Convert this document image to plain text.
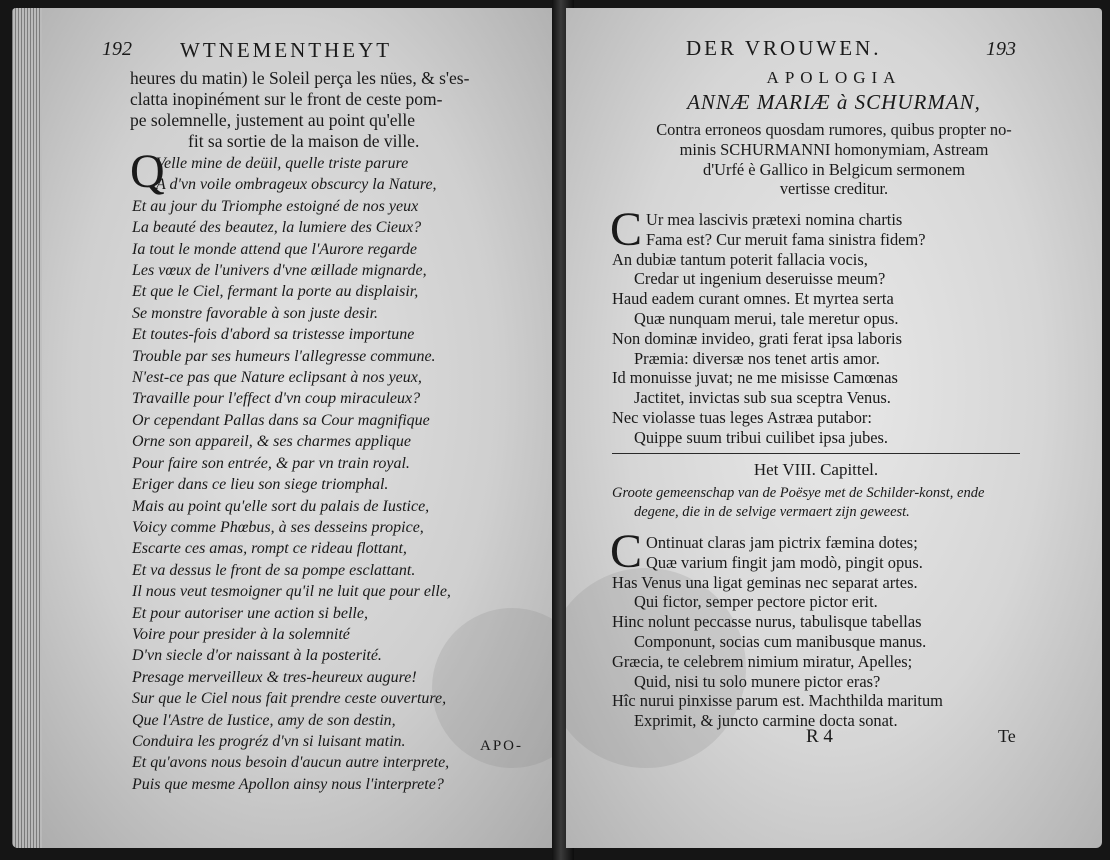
192 WTNEMENTHEYT
heures du matin) le Soleil perça les nües, & s'es-
clatta inopinément sur le front de ceste pom-
pe solemnelle, justement au point qu'elle
fit sa sortie de la maison de ville.
Q
Velle mine de deüil, quelle triste parure
A d'vn voile ombrageux obscurcy la Nature,
Et au jour du Triomphe estoigné de nos yeux
La beauté des beautez, la lumiere des Cieux?
Ia tout le monde attend que l'Aurore regarde
Les vœux de l'univers d'vne œillade mignarde,
Et que le Ciel, fermant la porte au displaisir,
Se monstre favorable à son juste desir.
Et toutes-fois d'abord sa tristesse importune
Trouble par ses humeurs l'allegresse commune.
N'est-ce pas que Nature eclipsant à nos yeux,
Travaille pour l'effect d'vn coup miraculeux?
Or cependant Pallas dans sa Cour magnifique
Orne son appareil, & ses charmes applique
Pour faire son entrée, & par vn train royal.
Eriger dans ce lieu son siege triomphal.
Mais au point qu'elle sort du palais de Iustice,
Voicy comme Phœbus, à ses desseins propice,
Escarte ces amas, rompt ce rideau flottant,
Et va dessus le front de sa pompe esclattant.
Il nous veut tesmoigner qu'il ne luit que pour elle,
Et pour autoriser une action si belle,
Voire pour presider à la solemnité
D'vn siecle d'or naissant à la posterité.
Presage merveilleux & tres-heureux augure!
Sur que le Ciel nous fait prendre ceste ouverture,
Que l'Astre de Iustice, amy de son destin,
Conduira les progréz d'vn si luisant matin.
Et qu'avons nous besoin d'aucun autre interprete,
Puis que mesme Apollon ainsy nous l'interprete?
APO-
DER VROUWEN.	193
APOLOGIA
ANNÆ MARIÆ à SCHURMAN,
Contra erroneos quosdam rumores, quibus propter no-
minis SCHURMANNI homonymiam, Astream
d'Urfé è Gallico in Belgicum sermonem
vertisse creditur.
C Ur mea lascivis prætexi nomina chartis
Fama est? Cur meruit fama sinistra fidem?
An dubiæ tantum poterit fallacia vocis,
Credar ut ingenium deseruisse meum?
Haud eadem curant omnes. Et myrtea serta
Quæ nunquam merui, tale meretur opus.
Non dominæ invideo, grati ferat ipsa laboris
Præmia: diversæ nos tenet artis amor.
Id monuisse juvat; ne me misisse Camœnas
Jactitet, invictas sub sua sceptra Venus.
Nec violasse tuas leges Astræa putabor:
Quippe suum tribui cuilibet ipsa jubes.
Het VIII. Capittel.
Groote gemeenschap van de Poësye met de Schilder-konst, ende
degene, die in de selvige vermaert zijn geweest.
C Ontinuat claras jam pictrix fæmina dotes;
Quæ varium fingit jam modò, pingit opus.
Has Venus una ligat geminas nec separat artes.
Qui fictor, semper pectore pictor erit.
Hinc nolunt peccasse nurus, tabulisque tabellas
Componunt, socias cum manibusque manus.
Græcia, te celebrem nimium miratur, Apelles;
Quid, nisi tu solo munere pictor eras?
Hîc nurui pinxisse parum est. Machthilda maritum
Exprimit, & juncto carmine docta sonat.
R 4	Te
